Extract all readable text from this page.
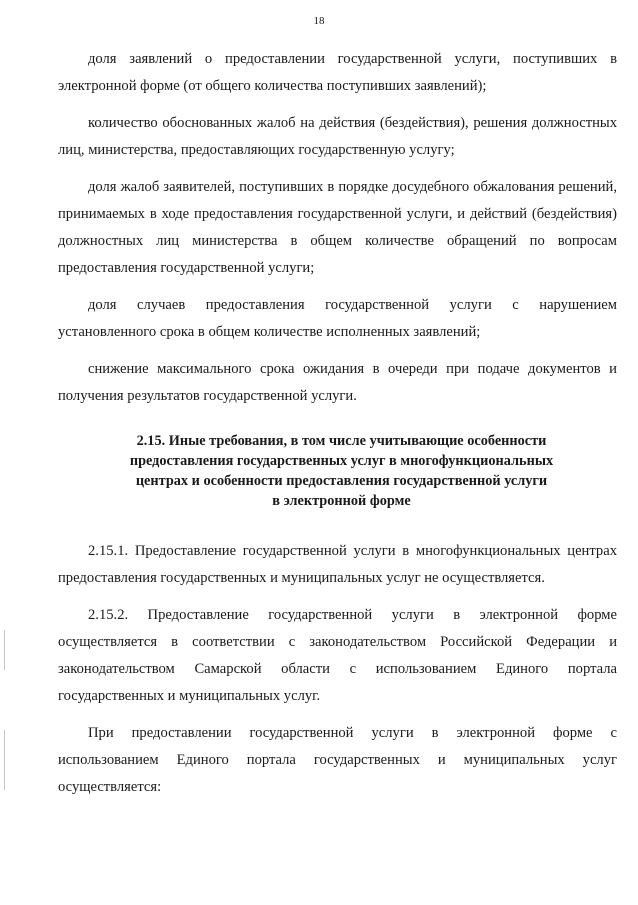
18

доля заявлений о предоставлении государственной услуги, поступивших в электронной форме (от общего количества поступивших заявлений);

количество обоснованных жалоб на действия (бездействия), решения должностных лиц, министерства, предоставляющих государственную услугу;

доля жалоб заявителей, поступивших в порядке досудебного обжалования решений, принимаемых в ходе предоставления государственной услуги, и действий (бездействия) должностных лиц министерства в общем количестве обращений по вопросам предоставления государственной услуги;

доля случаев предоставления государственной услуги с нарушением установленного срока в общем количестве исполненных заявлений;

снижение максимального срока ожидания в очереди при подаче документов и получения результатов государственной услуги.

2.15. Иные требования, в том числе учитывающие особенности
предоставления государственных услуг в многофункциональных
центрах и особенности предоставления государственной услуги
в электронной форме

2.15.1. Предоставление государственной услуги в многофункциональных центрах предоставления государственных и муниципальных услуг не осуществляется.

2.15.2. Предоставление государственной услуги в электронной форме осуществляется в соответствии с законодательством Российской Федерации и законодательством Самарской области с использованием Единого портала государственных и муниципальных услуг.

При предоставлении государственной услуги в электронной форме с использованием Единого портала государственных и муниципальных услуг осуществляется:
